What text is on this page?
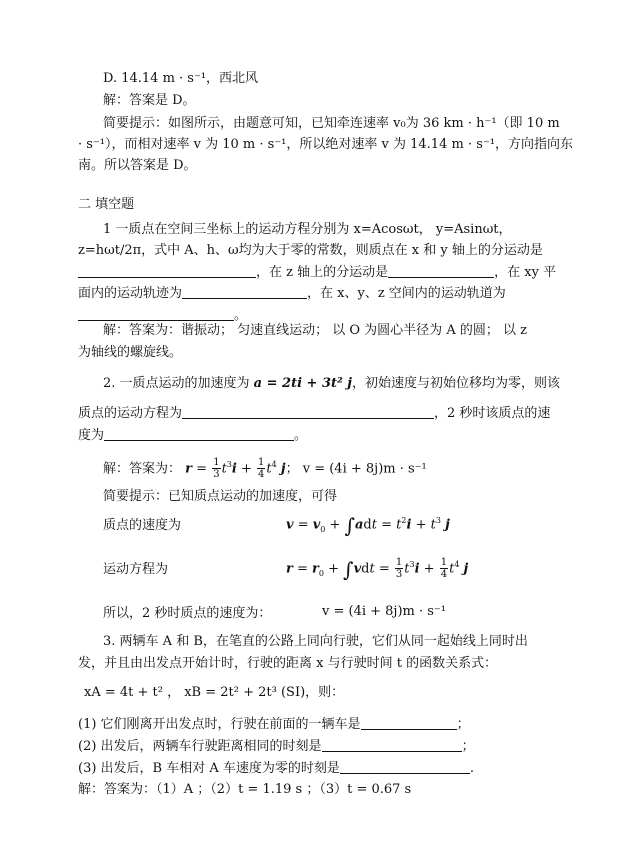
D. 14.14 m · s⁻¹，西北风
解：答案是 D。
简要提示：如图所示，由题意可知，已知牵连速率 v₀为 36 km · h⁻¹（即 10 m
· s⁻¹），而相对速率 v 为 10 m · s⁻¹，所以绝对速率 v 为 14.14 m · s⁻¹，方向指向东
南。所以答案是 D。
二 填空题
1 一质点在空间三坐标上的运动方程分别为 x=Acosωt， y=Asinωt，
z=hωt/2π，式中 A、h、ω均为大于零的常数，则质点在 x 和 y 轴上的分运动是
，在 z 轴上的分运动是	，在 xy 平
面内的运动轨迹为	，在 x、y、z 空间内的运动轨道为
。
解：答案为：谐振动； 匀速直线运动； 以 O 为圆心半径为 A 的圆； 以 z
为轴线的螺旋线。
2. 一质点运动的加速度为 a = 2ti + 3t² j，初始速度与初始位移均为零，则该
质点的运动方程为	，2 秒时该质点的速
度为	。
解：答案为： $r = \frac{1}{3} t^3i + \frac{1}{4} t^4$ j； v = (4i + 8j)m · s⁻¹
简要提示：已知质点运动的加速度，可得
质点的速度为	$v = v_0 + \int adt = t^2i + t^3$ j
运动方程为	$r = r_0 + \int vdt = \frac{1}{3} t^3i + \frac{1}{4} t^4$ j
所以，2 秒时质点的速度为：	v = (4i + 8j)m · s⁻¹
3. 两辆车 A 和 B，在笔直的公路上同向行驶，它们从同一起始线上同时出
发，并且由出发点开始计时，行驶的距离 x 与行驶时间 t 的函数关系式：
xA = 4t + t² ， xB = 2t² + 2t³ (SI)，则：
(1) 它们刚离开出发点时，行驶在前面的一辆车是	；
(2) 出发后，两辆车行驶距离相同的时刻是	；
(3) 出发后，B 车相对 A 车速度为零的时刻是	.
解：答案为：（1）A ；（2）t = 1.19 s ；（3）t = 0.67 s
